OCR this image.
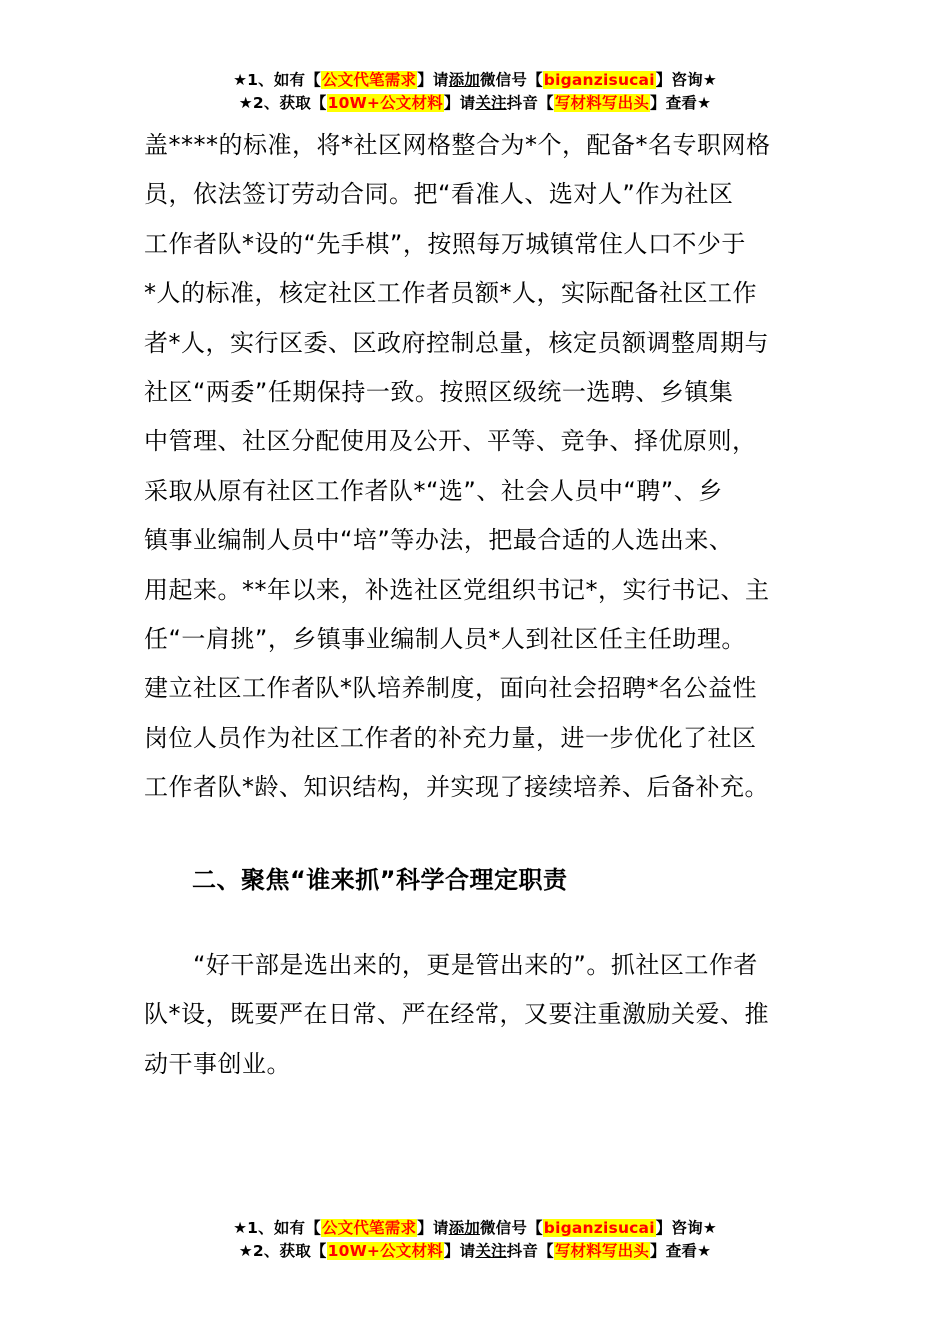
★1、如有【公文代笔需求】请添加微信号【biganzisucai】咨询★
★2、获取【10W+公文材料】请关注抖音【写材料写出头】查看★
盖****的标准，将*社区网格整合为*个，配备*名专职网格
员，依法签订劳动合同。把“看准人、选对人”作为社区
工作者队*设的“先手棋”，按照每万城镇常住人口不少于
*人的标准，核定社区工作者员额*人，实际配备社区工作
者*人，实行区委、区政府控制总量，核定员额调整周期与
社区“两委”任期保持一致。按照区级统一选聘、乡镇集
中管理、社区分配使用及公开、平等、竞争、择优原则，
采取从原有社区工作者队*“选”、社会人员中“聘”、乡
镇事业编制人员中“培”等办法，把最合适的人选出来、
用起来。**年以来，补选社区党组织书记*，实行书记、主
任“一肩挑”，乡镇事业编制人员*人到社区任主任助理。
建立社区工作者队*队培养制度，面向社会招聘*名公益性
岗位人员作为社区工作者的补充力量，进一步优化了社区
工作者队*龄、知识结构，并实现了接续培养、后备补充。
二、聚焦“谁来抓”科学合理定职责
　　“好干部是选出来的，更是管出来的”。抓社区工作者
队*设，既要严在日常、严在经常，又要注重激励关爱、推
动干事创业。
★1、如有【公文代笔需求】请添加微信号【biganzisucai】咨询★
★2、获取【10W+公文材料】请关注抖音【写材料写出头】查看★
